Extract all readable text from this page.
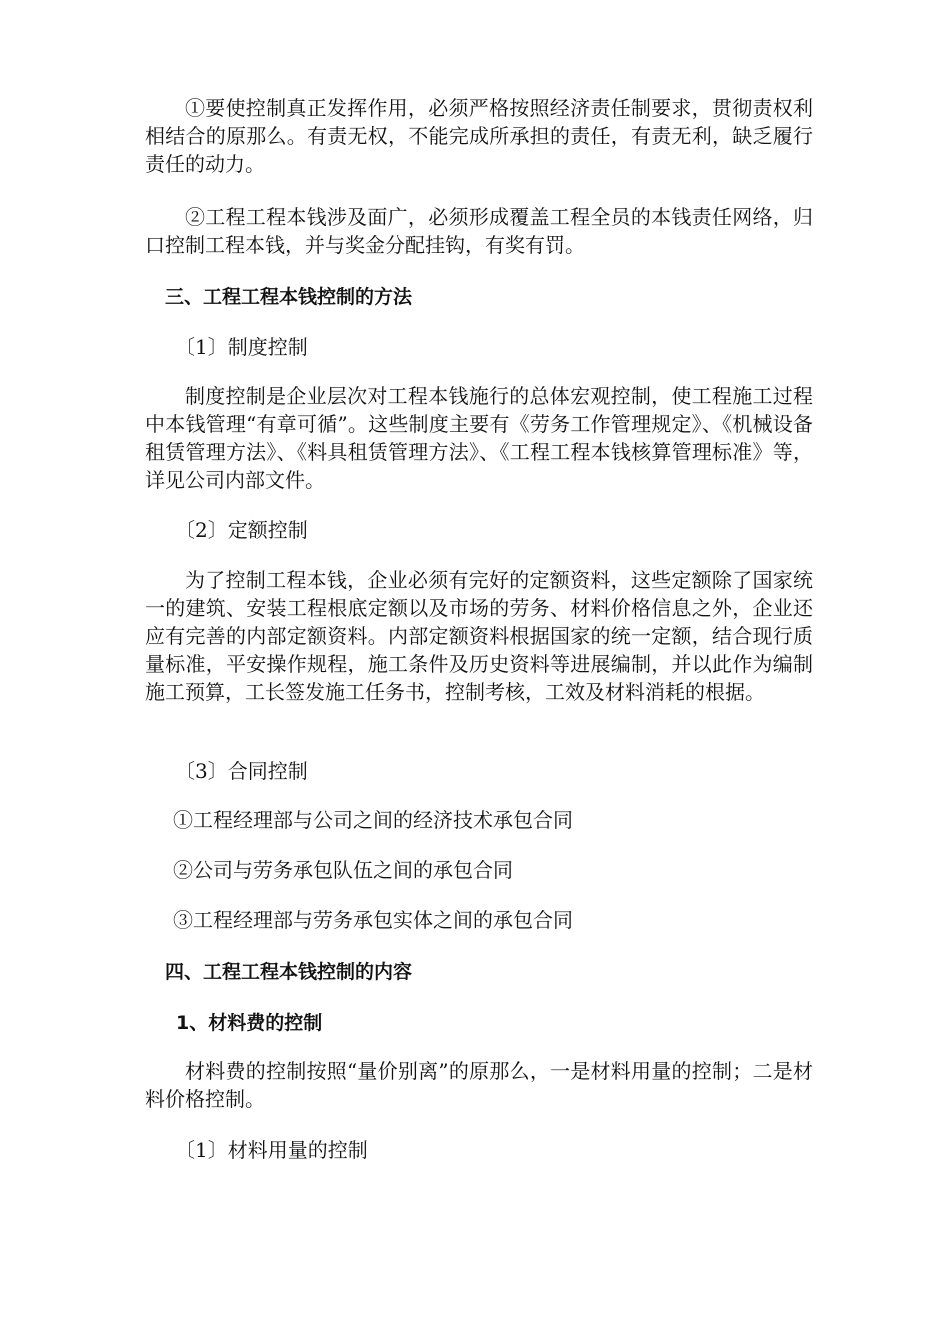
①要使控制真正发挥作用，必须严格按照经济责任制要求，贯彻责权利相结合的原那么。有责无权，不能完成所承担的责任，有责无利，缺乏履行责任的动力。

②工程工程本钱涉及面广，必须形成覆盖工程全员的本钱责任网络，归口控制工程本钱，并与奖金分配挂钩，有奖有罚。

三、工程工程本钱控制的方法

〔1〕制度控制

制度控制是企业层次对工程本钱施行的总体宏观控制，使工程施工过程中本钱管理“有章可循”。这些制度主要有《劳务工作管理规定》、《机械设备租赁管理方法》、《料具租赁管理方法》、《工程工程本钱核算管理标准》等，详见公司内部文件。

〔2〕定额控制

为了控制工程本钱，企业必须有完好的定额资料，这些定额除了国家统一的建筑、安装工程根底定额以及市场的劳务、材料价格信息之外，企业还应有完善的内部定额资料。内部定额资料根据国家的统一定额，结合现行质量标准，平安操作规程，施工条件及历史资料等进展编制，并以此作为编制施工预算，工长签发施工任务书，控制考核，工效及材料消耗的根据。

〔3〕合同控制

①工程经理部与公司之间的经济技术承包合同

②公司与劳务承包队伍之间的承包合同

③工程经理部与劳务承包实体之间的承包合同

四、工程工程本钱控制的内容

1、材料费的控制

材料费的控制按照“量价别离”的原那么，一是材料用量的控制；二是材料价格控制。

〔1〕材料用量的控制
